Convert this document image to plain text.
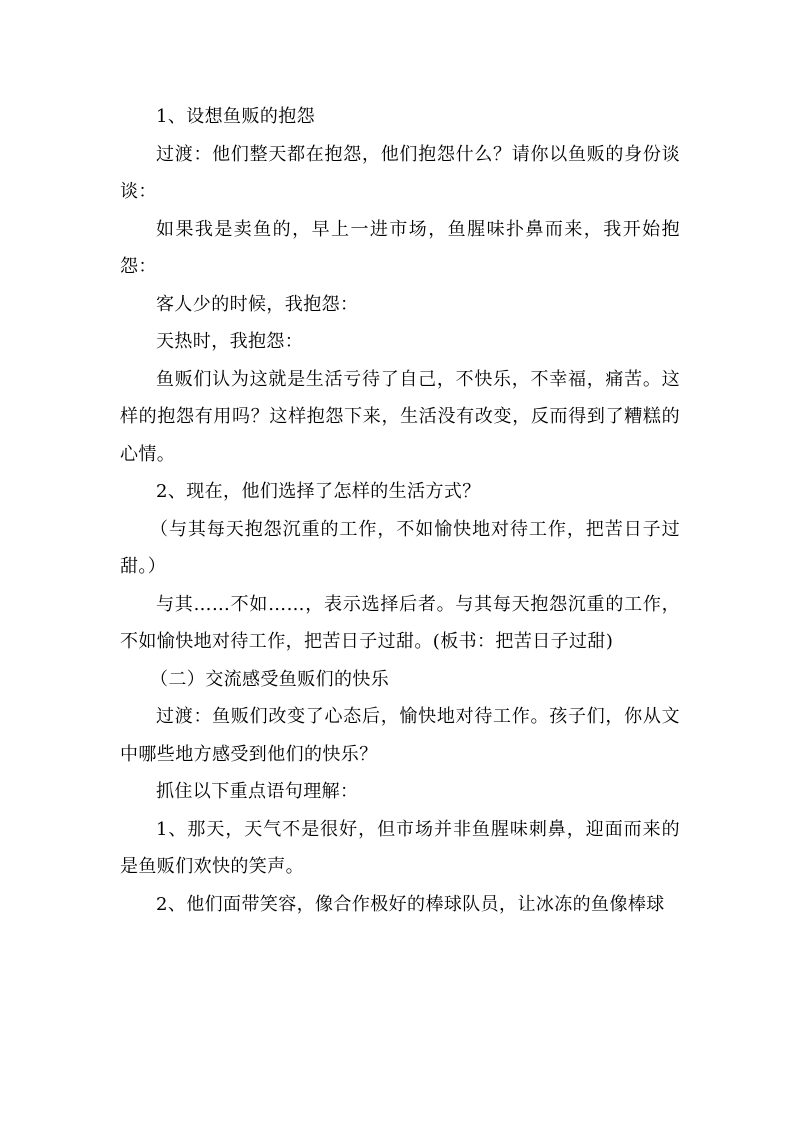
1、设想鱼贩的抱怨

过渡：他们整天都在抱怨，他们抱怨什么？请你以鱼贩的身份谈谈：

如果我是卖鱼的，早上一进市场，鱼腥味扑鼻而来，我开始抱怨：

客人少的时候，我抱怨：

天热时，我抱怨：

鱼贩们认为这就是生活亏待了自己，不快乐，不幸福，痛苦。这样的抱怨有用吗？这样抱怨下来，生活没有改变，反而得到了糟糕的心情。

2、现在，他们选择了怎样的生活方式？

（与其每天抱怨沉重的工作，不如愉快地对待工作，把苦日子过甜。）

与其……不如……，表示选择后者。与其每天抱怨沉重的工作，不如愉快地对待工作，把苦日子过甜。(板书：把苦日子过甜)

（二）交流感受鱼贩们的快乐

过渡：鱼贩们改变了心态后，愉快地对待工作。孩子们，你从文中哪些地方感受到他们的快乐？

抓住以下重点语句理解：

1、那天，天气不是很好，但市场并非鱼腥味刺鼻，迎面而来的是鱼贩们欢快的笑声。

2、他们面带笑容，像合作极好的棒球队员，让冰冻的鱼像棒球
